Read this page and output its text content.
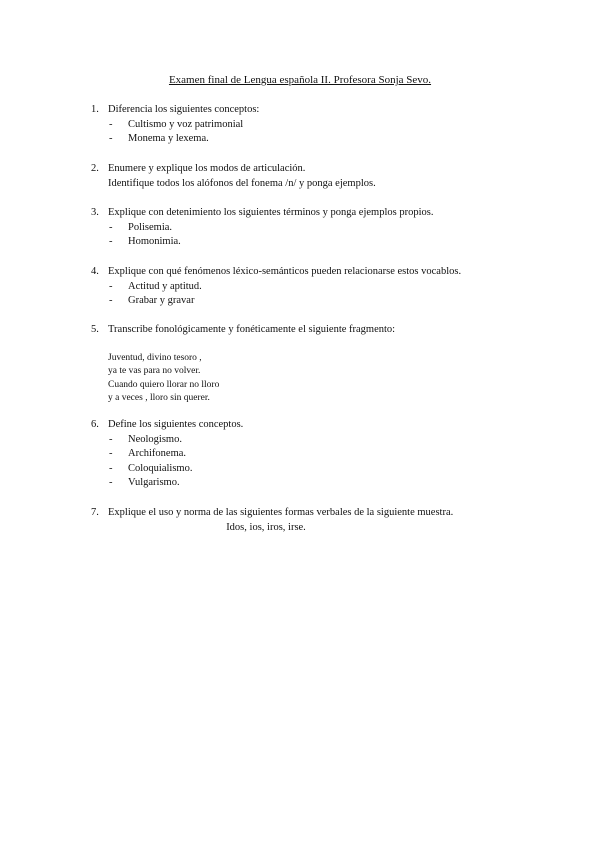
Examen final de Lengua española II. Profesora Sonja Sevo.
1. Diferencia los siguientes conceptos:
- Cultismo y voz patrimonial
- Monema y lexema.
2. Enumere y explique los modos de articulación.
Identifique todos los alófonos del fonema /n/ y ponga ejemplos.
3. Explique con detenimiento los siguientes términos y ponga ejemplos propios.
- Polisemia.
- Homonimia.
4. Explique con qué fenómenos léxico-semánticos pueden relacionarse estos vocablos.
- Actitud y aptitud.
- Grabar y gravar
5. Transcribe fonológicamente y fonéticamente el siguiente fragmento:
Juventud, divino tesoro ,
ya te vas para no volver.
Cuando quiero llorar no lloro
y a veces , lloro sin querer.
6. Define los siguientes conceptos.
- Neologismo.
- Archifonema.
- Coloquialismo.
- Vulgarismo.
7. Explique el uso y norma de las siguientes formas verbales de la siguiente muestra.
Idos, ios, iros, irse.
